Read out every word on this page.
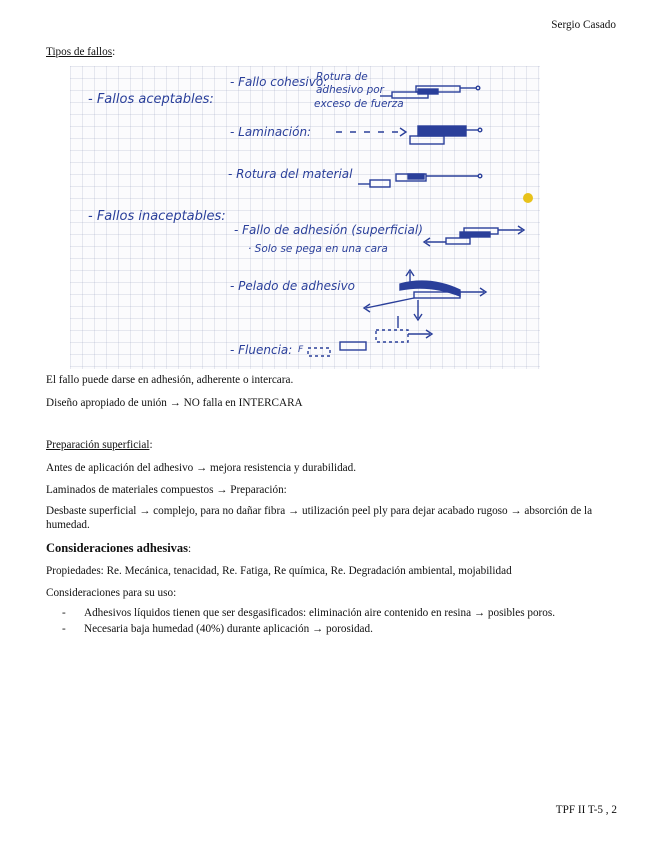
Sergio Casado
Tipos de fallos:
- Fallos aceptables:
- Fallo cohesivo:
Rotura de
adhesivo por
exceso de fuerza
- Laminación:
- Rotura del material
- Fallos inaceptables:
- Fallo de adhesión (superficial)
· Solo se pega en una cara
- Pelado de adhesivo
- Fluencia: F
El fallo puede darse en adhesión, adherente o intercara.
Diseño apropiado de unión → NO falla en INTERCARA
Preparación superficial:
Antes de aplicación del adhesivo → mejora resistencia y durabilidad.
Laminados de materiales compuestos → Preparación:
Desbaste superficial → complejo, para no dañar fibra → utilización peel ply para dejar acabado rugoso → absorción de la
humedad.
Consideraciones adhesivas:
Propiedades: Re. Mecánica, tenacidad, Re. Fatiga, Re química, Re. Degradación ambiental, mojabilidad
Consideraciones para su uso:
- Adhesivos líquidos tienen que ser desgasificados: eliminación aire contenido en resina → posibles poros.
- Necesaria baja humedad (40%) durante aplicación → porosidad.
TPF II T-5 , 2
